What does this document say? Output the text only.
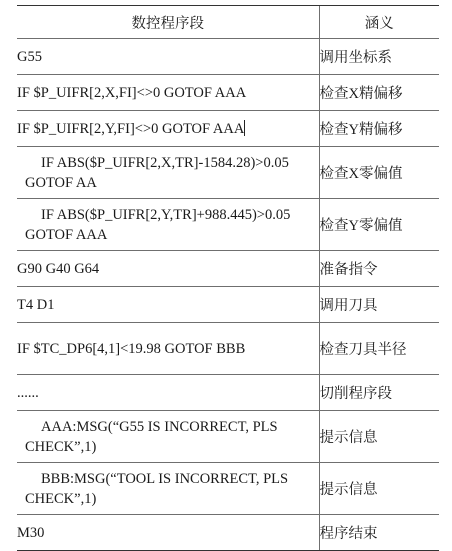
数控程序段	涵义
G55	调用坐标系
IF $P_UIFR[2,X,FI]<>0 GOTOF AAA	检查X精偏移
IF $P_UIFR[2,Y,FI]<>0 GOTOF AAA	检查Y精偏移
IF ABS($P_UIFR[2,X,TR]-1584.28)>0.05 GOTOF AA	检查X零偏值
IF ABS($P_UIFR[2,Y,TR]+988.445)>0.05 GOTOF AAA	检查Y零偏值
G90 G40 G64	准备指令
T4 D1	调用刀具
IF $TC_DP6[4,1]<19.98 GOTOF BBB	检查刀具半径
......	切削程序段
AAA:MSG(“G55 IS INCORRECT, PLS CHECK”,1)	提示信息
BBB:MSG(“TOOL IS INCORRECT, PLS CHECK”,1)	提示信息
M30	程序结束
